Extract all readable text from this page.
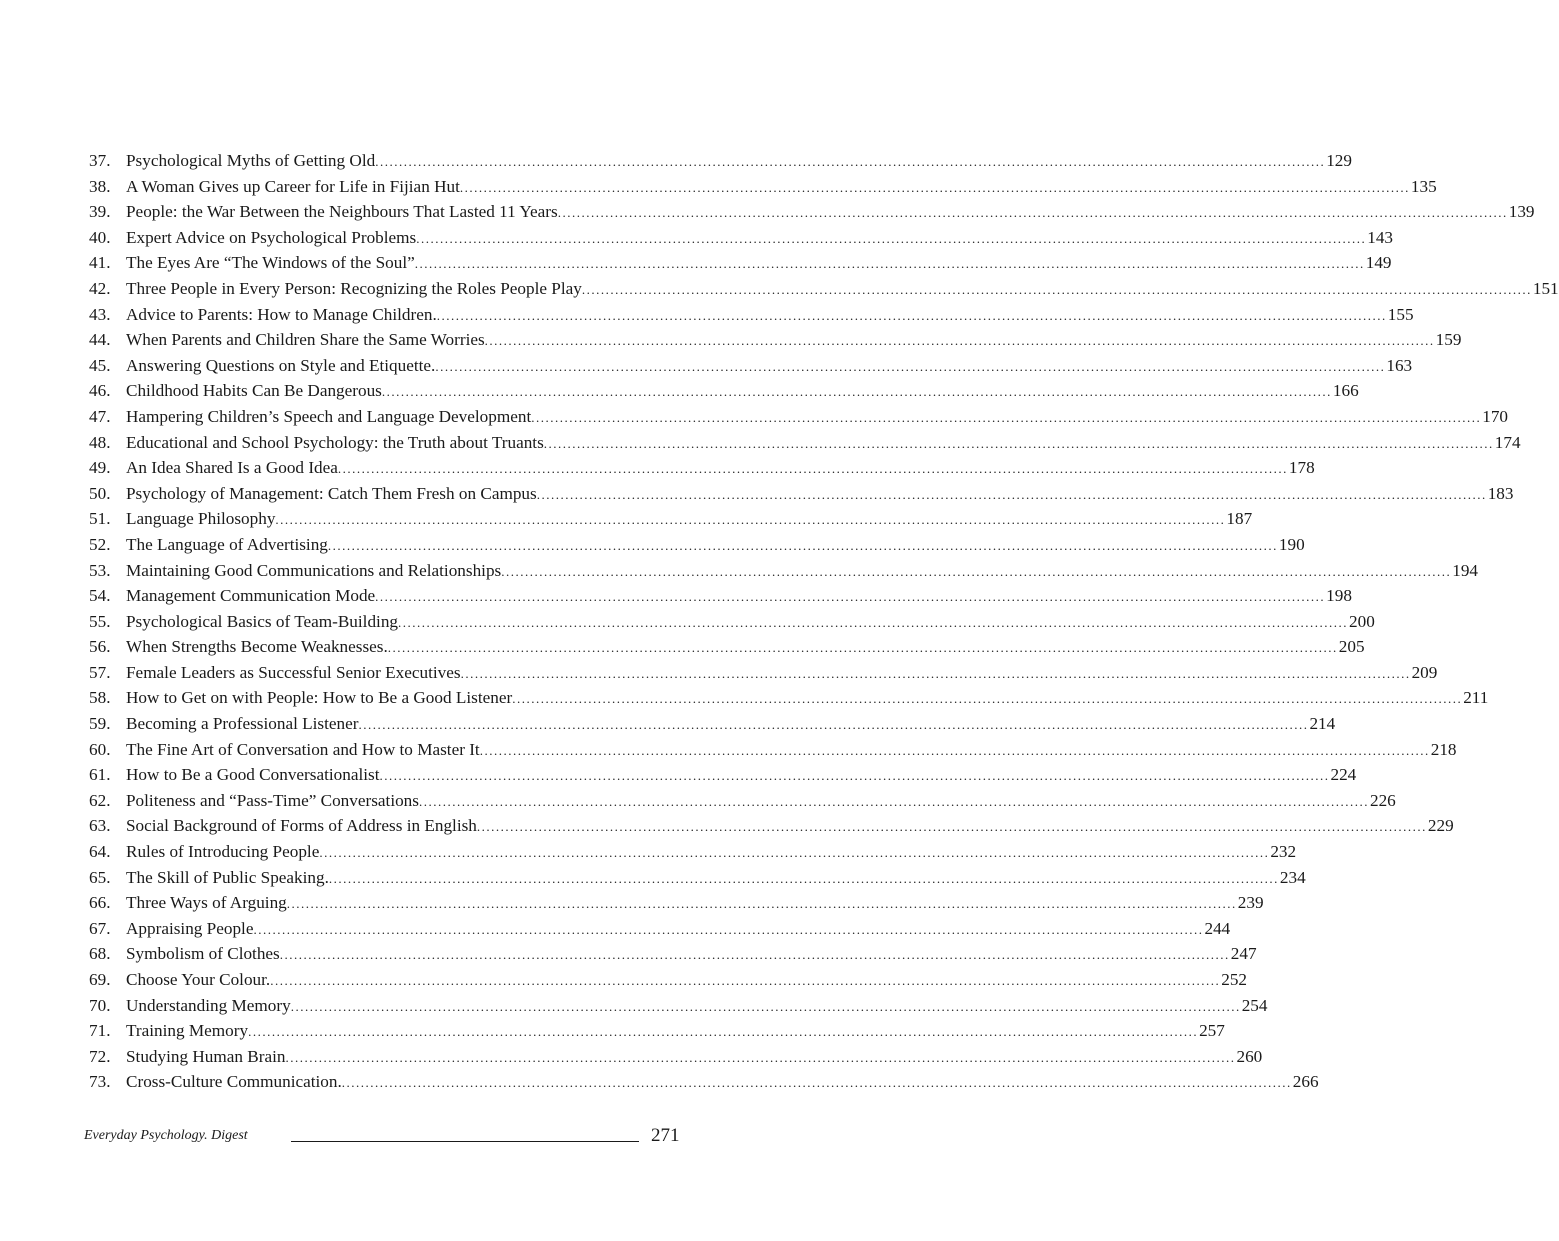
37. Psychological Myths of Getting Old .....	129
38. A Woman Gives up Career for Life in Fijian Hut .....	135
39. People: the War Between the Neighbours That Lasted 11 Years .....	139
40. Expert Advice on Psychological Problems .....	143
41. The Eyes Are “The Windows of the Soul” .....	149
42. Three People in Every Person: Recognizing the Roles People Play .....	151
43. Advice to Parents: How to Manage Children. .....	155
44. When Parents and Children Share the Same Worries .....	159
45. Answering Questions on Style and Etiquette. .....	163
46. Childhood Habits Can Be Dangerous .....	166
47. Hampering Children’s Speech and Language Development .....	170
48. Educational and School Psychology: the Truth about Truants .....	174
49. An Idea Shared Is a Good Idea .....	178
50. Psychology of Management: Catch Them Fresh on Campus .....	183
51. Language Philosophy .....	187
52. The Language of Advertising .....	190
53. Maintaining Good Communications and Relationships .....	194
54. Management Communication Mode .....	198
55. Psychological Basics of Team-Building .....	200
56. When Strengths Become Weaknesses. .....	205
57. Female Leaders as Successful Senior Executives .....	209
58. How to Get on with People: How to Be a Good Listener .....	211
59. Becoming a Professional Listener .....	214
60. The Fine Art of Conversation and How to Master It .....	218
61. How to Be a Good Conversationalist .....	224
62. Politeness and “Pass-Time” Conversations .....	226
63. Social Background of Forms of Address in English .....	229
64. Rules of Introducing People .....	232
65. The Skill of Public Speaking. .....	234
66. Three Ways of Arguing .....	239
67. Appraising People .....	244
68. Symbolism of Clothes .....	247
69. Choose Your Colour. .....	252
70. Understanding Memory .....	254
71. Training Memory .....	257
72. Studying Human Brain .....	260
73. Cross-Culture Communication. .....	266
Everyday Psychology. Digest	271
